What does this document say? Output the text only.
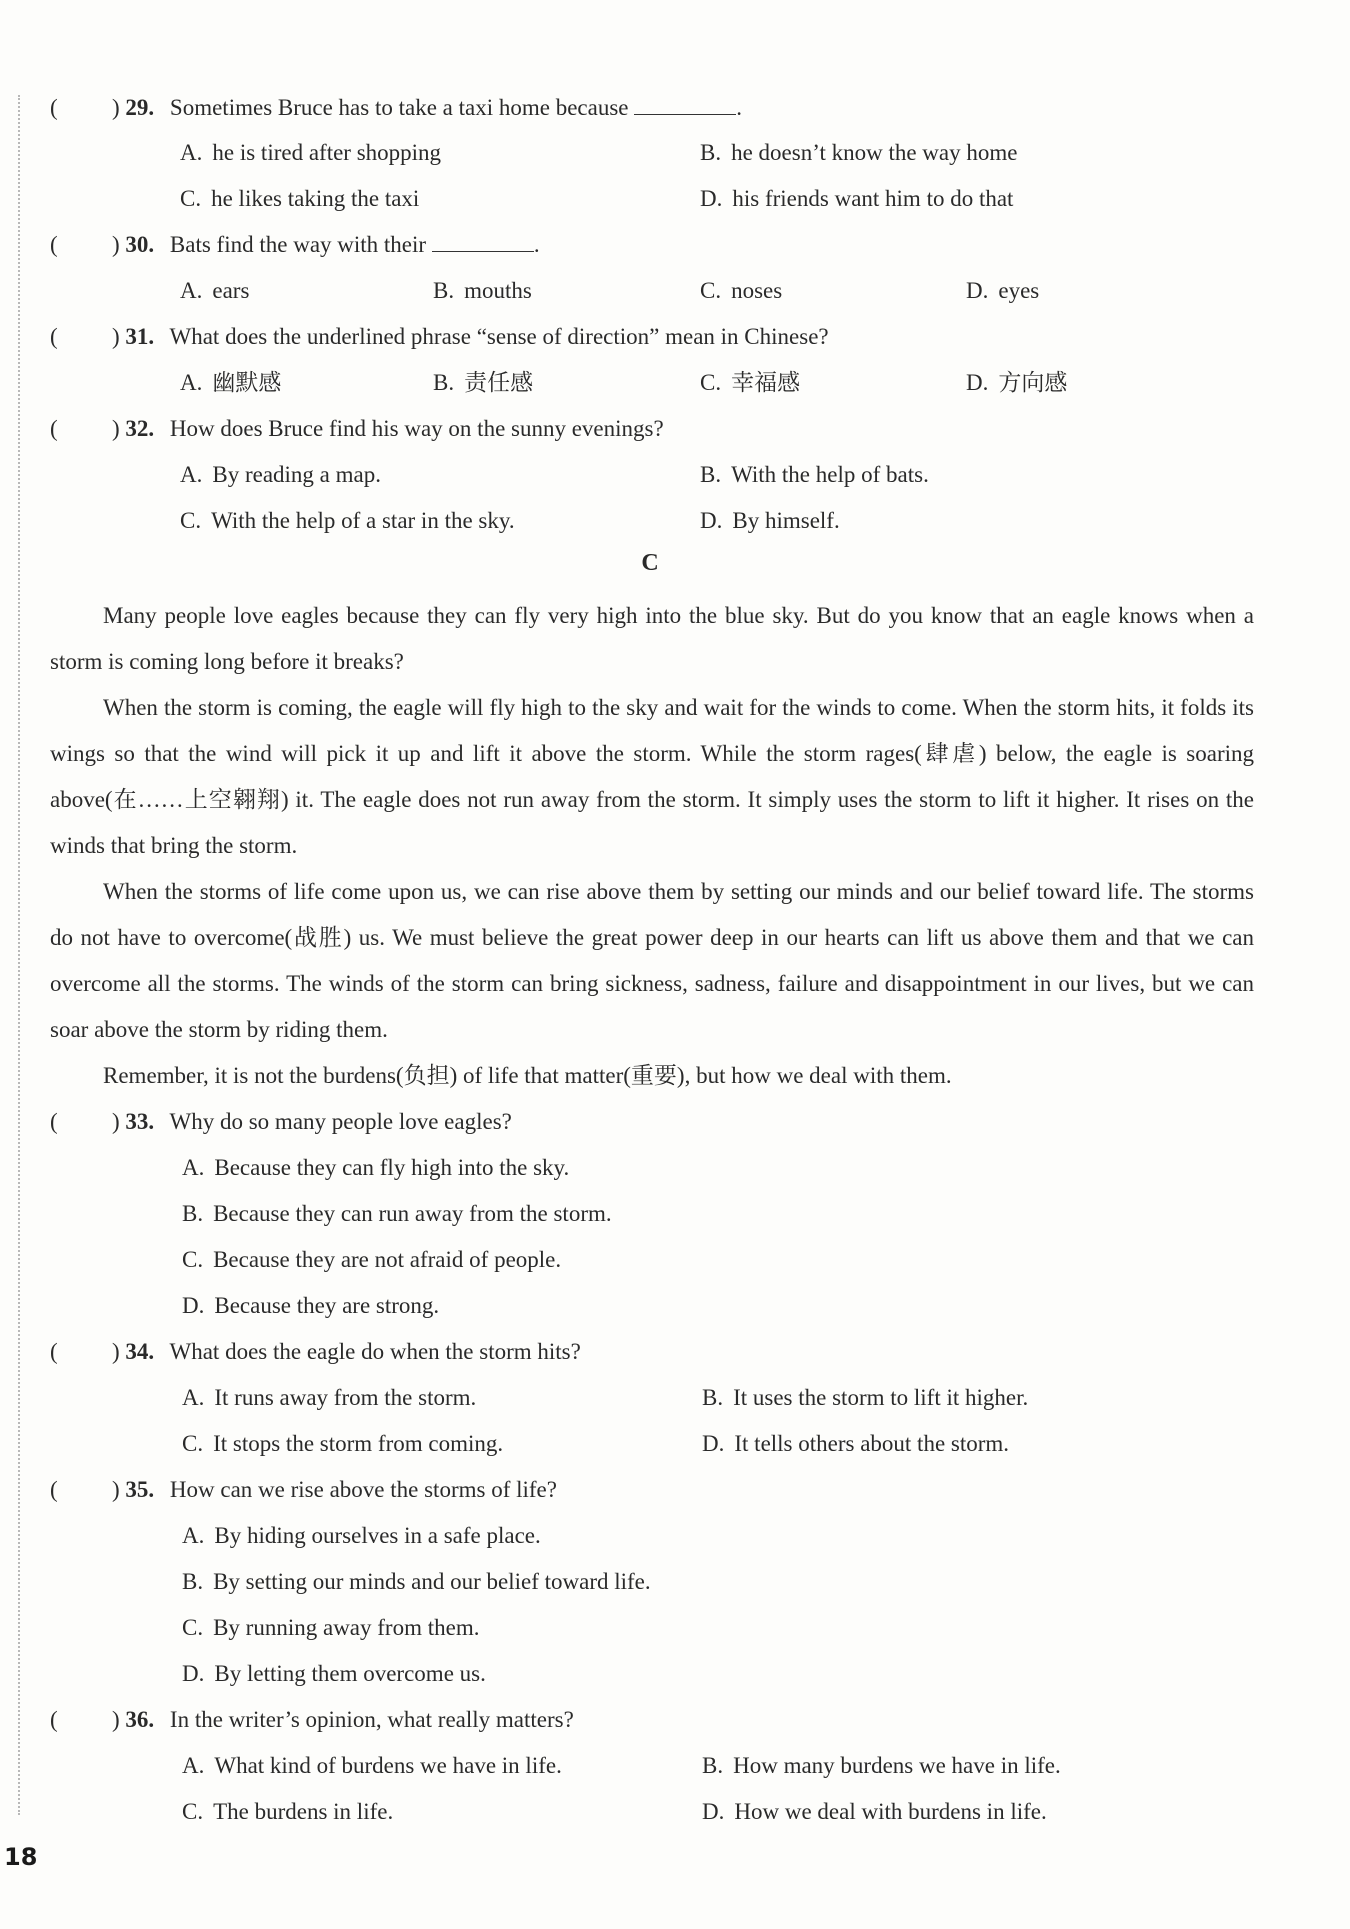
( ) 29. Sometimes Bruce has to take a taxi home because	.
A. he is tired after shopping	B. he doesn’t know the way home
C. he likes taking the taxi	D. his friends want him to do that
( ) 30. Bats find the way with their	.
A. ears	B. mouths	C. noses	D. eyes
( ) 31. What does the underlined phrase “sense of direction” mean in Chinese?
A. 幽默感	B. 责任感	C. 幸福感	D. 方向感
( ) 32. How does Bruce find his way on the sunny evenings?
A. By reading a map.	B. With the help of bats.
C. With the help of a star in the sky.	D. By himself.
C
Many people love eagles because they can fly very high into the blue sky. But do you know that an eagle knows when a storm is coming long before it breaks?
When the storm is coming, the eagle will fly high to the sky and wait for the winds to come. When the storm hits, it folds its wings so that the wind will pick it up and lift it above the storm. While the storm rages(肆虐) below, the eagle is soaring above(在……上空翱翔) it. The eagle does not run away from the storm. It simply uses the storm to lift it higher. It rises on the winds that bring the storm.
When the storms of life come upon us, we can rise above them by setting our minds and our belief toward life. The storms do not have to overcome(战胜) us. We must believe the great power deep in our hearts can lift us above them and that we can overcome all the storms. The winds of the storm can bring sickness, sadness, failure and disappointment in our lives, but we can soar above the storm by riding them.
Remember, it is not the burdens(负担) of life that matter(重要), but how we deal with them.
( ) 33. Why do so many people love eagles?
A. Because they can fly high into the sky.
B. Because they can run away from the storm.
C. Because they are not afraid of people.
D. Because they are strong.
( ) 34. What does the eagle do when the storm hits?
A. It runs away from the storm.	B. It uses the storm to lift it higher.
C. It stops the storm from coming.	D. It tells others about the storm.
( ) 35. How can we rise above the storms of life?
A. By hiding ourselves in a safe place.
B. By setting our minds and our belief toward life.
C. By running away from them.
D. By letting them overcome us.
( ) 36. In the writer’s opinion, what really matters?
A. What kind of burdens we have in life.	B. How many burdens we have in life.
C. The burdens in life.	D. How we deal with burdens in life.
18
